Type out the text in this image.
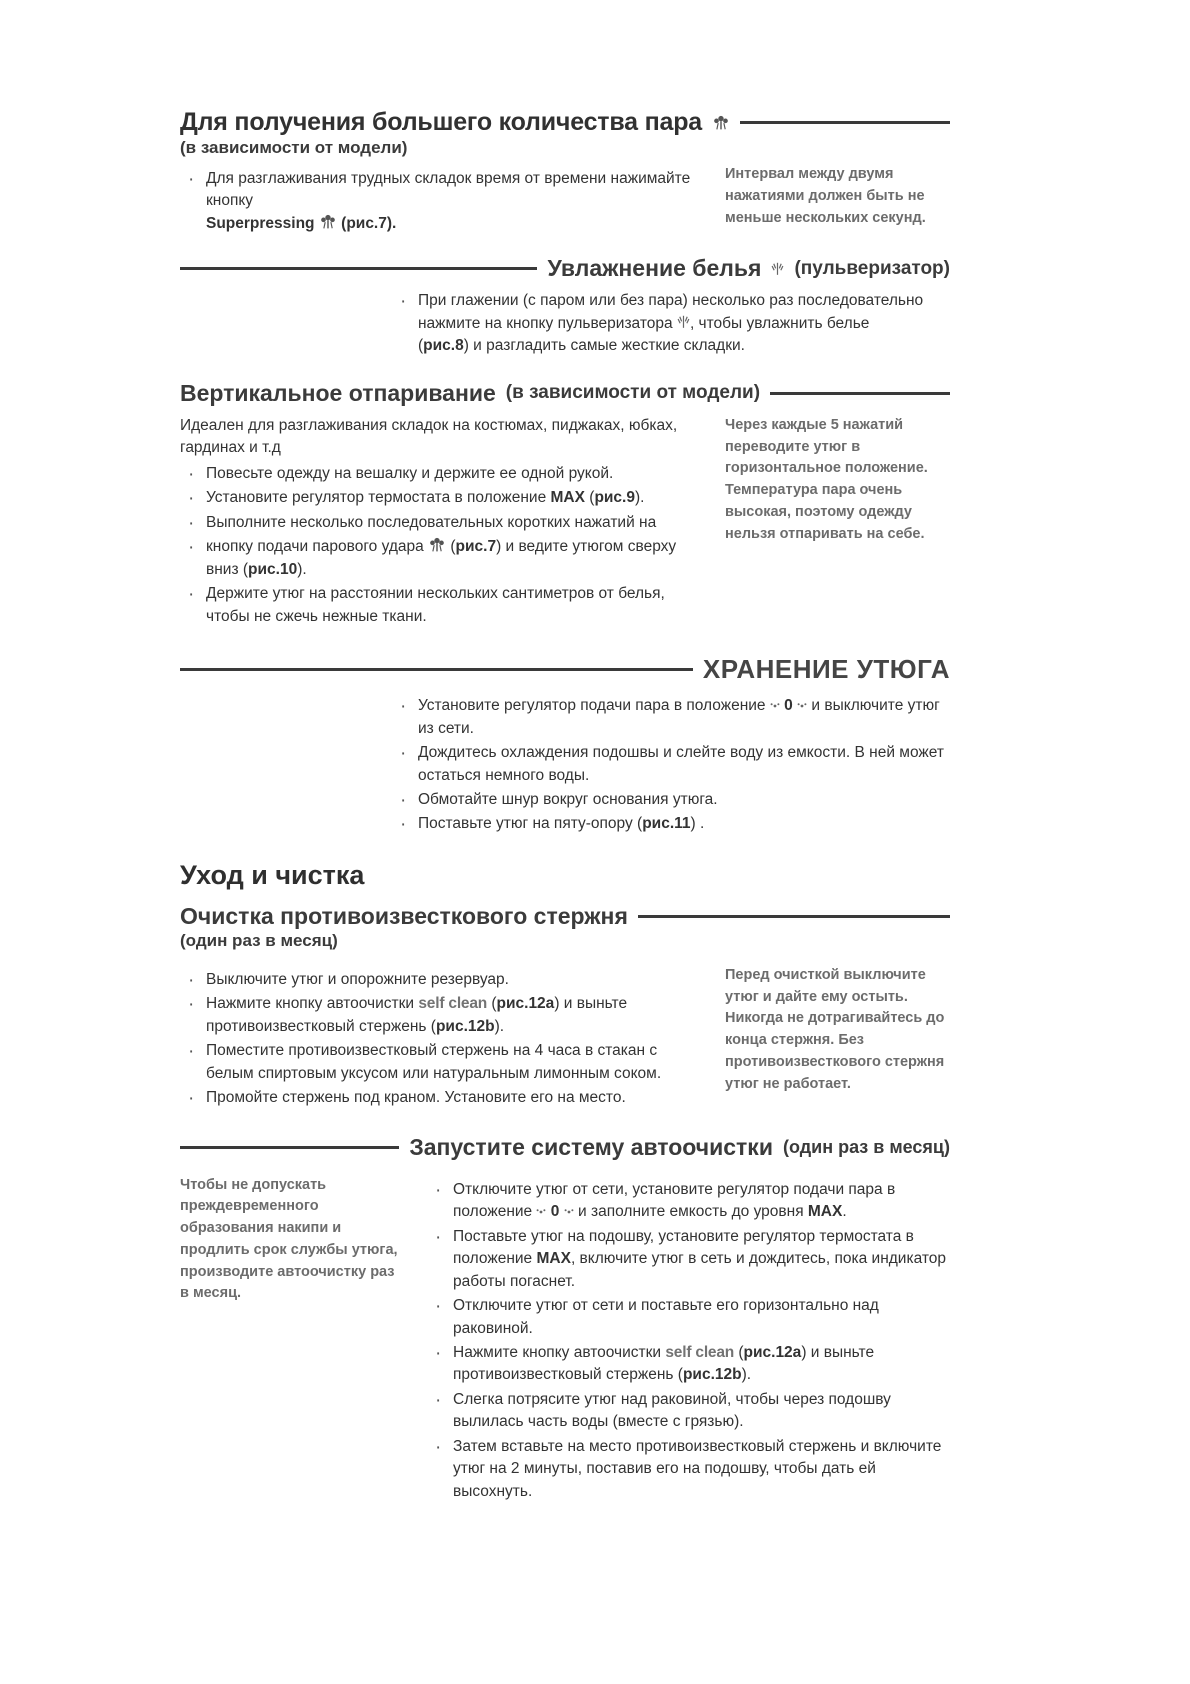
Для получения большего количества пара
(в зависимости от модели)
· Для разглаживания трудных складок время от времени нажимайте кнопку
Superpressing (рис.7).
Интервал между двумя нажатиями должен быть не меньше нескольких секунд.
Увлажнение белья (пульверизатор)
· При глажении (с паром или без пара) несколько раз последовательно
нажмите на кнопку пульверизатора , чтобы увлажнить белье
(рис.8) и разгладить самые жесткие складки.
Вертикальное отпаривание (в зависимости от модели)
Идеален для разглаживания складок на костюмах, пиджаках, юбках, гардинах и т.д
· Повесьте одежду на вешалку и держите ее одной рукой.
· Установите регулятор термостата в положение MAX (рис.9).
· Выполните несколько последовательных коротких нажатий на
· кнопку подачи парового удара
(рис.7) и ведите утюгом сверху вниз (рис.10).
· Держите утюг на расстоянии нескольких сантиметров от белья, чтобы не сжечь нежные ткани.
Через каждые 5 нажатий переводите утюг в горизонтальное положение. Температура пара очень высокая, поэтому одежду нельзя отпаривать на себе.
ХРАНЕНИЕ УТЮГА
· Установите регулятор подачи пара в положение
0 и выключите утюг из сети.
· Дождитесь охлаждения подошвы и слейте воду из емкости. В ней может остаться немного воды.
· Обмотайте шнур вокруг основания утюга.
· Поставьте утюг на пяту-опору (рис.11) .
Уход и чистка
Очистка противоизвесткового стержня
(один раз в месяц)
· Выключите утюг и опорожните резервуар.
· Нажмите кнопку автоочистки self clean (рис.12a) и выньте противоизвестковый стержень (рис.12b).
· Поместите противоизвестковый стержень на 4 часа в стакан с белым спиртовым уксусом или натуральным лимонным соком.
· Промойте стержень под краном. Установите его на место.
Перед очисткой выключите утюг и дайте ему остыть. Никогда не дотрагивайтесь до конца стержня. Без противоизвесткового стержня утюг не работает.
Запустите систему автоочистки (один раз в месяц)
Чтобы не допускать преждевременного образования накипи и продлить срок службы утюга, производите автоочистку раз в месяц.
· Отключите утюг от сети, установите регулятор подачи пара в положение
0 и заполните емкость до уровня MAX.
· Поставьте утюг на подошву, установите регулятор термостата в положение MAX, включите утюг в сеть и дождитесь, пока индикатор работы погаснет.
· Отключите утюг от сети и поставьте его горизонтально над раковиной.
· Нажмите кнопку автоочистки self clean (рис.12a) и выньте противоизвестковый стержень (рис.12b).
· Слегка потрясите утюг над раковиной, чтобы через подошву вылилась часть воды (вместе с грязью).
· Затем вставьте на место противоизвестковый стержень и включите утюг на 2 минуты, поставив его на подошву, чтобы дать ей высохнуть.
